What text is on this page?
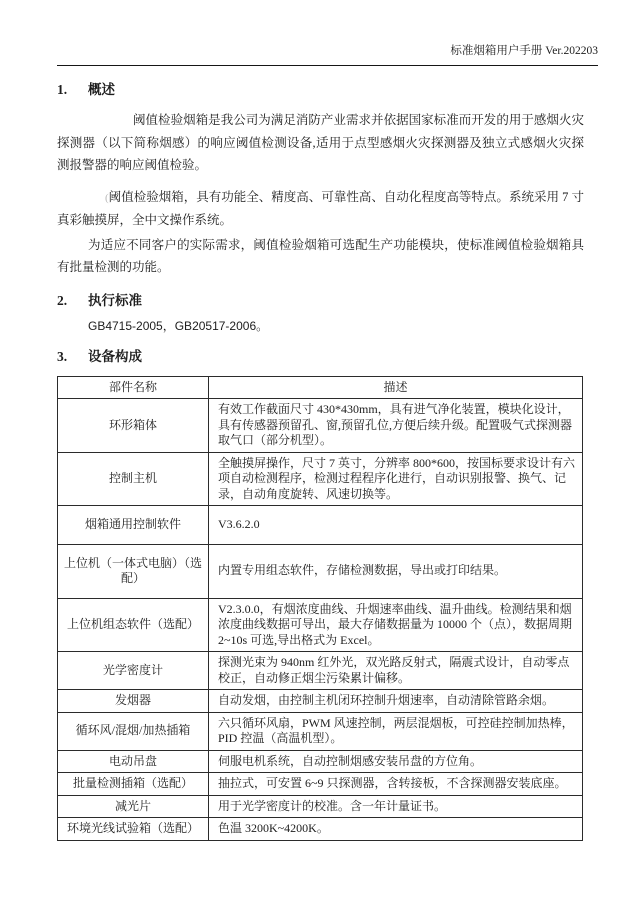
标准烟箱用户手册 Ver.202203
1.	概述

阈值检验烟箱是我公司为满足消防产业需求并依据国家标准而开发的用于感烟火灾探测器（以下简称烟感）的响应阈值检测设备,适用于点型感烟火灾探测器及独立式感烟火灾探测报警器的响应阈值检验。

(阈值检验烟箱，具有功能全、精度高、可靠性高、自动化程度高等特点。系统采用 7 寸真彩触摸屏，全中文操作系统。

为适应不同客户的实际需求，阈值检验烟箱可选配生产功能模块，使标准阈值检验烟箱具有批量检测的功能。

2.	执行标准
GB4715-2005，GB20517-2006。
3.	设备构成
部件名称	描述
环形箱体	有效工作截面尺寸 430*430mm，具有进气净化装置，模块化设计，具有传感器预留孔、窗,预留孔位,方便后续升级。配置吸气式探测器取气口（部分机型）。
控制主机	全触摸屏操作，尺寸 7 英寸，分辨率 800*600，按国标要求设计有六项自动检测程序，检测过程程序化进行，自动识别报警、换气、记录，自动角度旋转、风速切换等。
烟箱通用控制软件	V3.6.2.0
上位机（一体式电脑）（选配）	内置专用组态软件，存储检测数据，导出或打印结果。
上位机组态软件（选配）	V2.3.0.0，有烟浓度曲线、升烟速率曲线、温升曲线。检测结果和烟浓度曲线数据可导出，最大存储数据量为 10000 个（点），数据周期 2~10s 可选,导出格式为 Excel。
光学密度计	探测光束为 940nm 红外光，双光路反射式，隔震式设计，自动零点校正，自动修正烟尘污染累计偏移。
发烟器	自动发烟，由控制主机闭环控制升烟速率，自动清除管路余烟。
循环风/混烟/加热插箱	六只循环风扇，PWM 风速控制，两层混烟板，可控硅控制加热棒，PID 控温（高温机型）。
电动吊盘	伺服电机系统，自动控制烟感安装吊盘的方位角。
批量检测插箱（选配）	抽拉式，可安置 6~9 只探测器，含转接板，不含探测器安装底座。
减光片	用于光学密度计的校准。含一年计量证书。
环境光线试验箱（选配）	色温 3200K~4200K。
